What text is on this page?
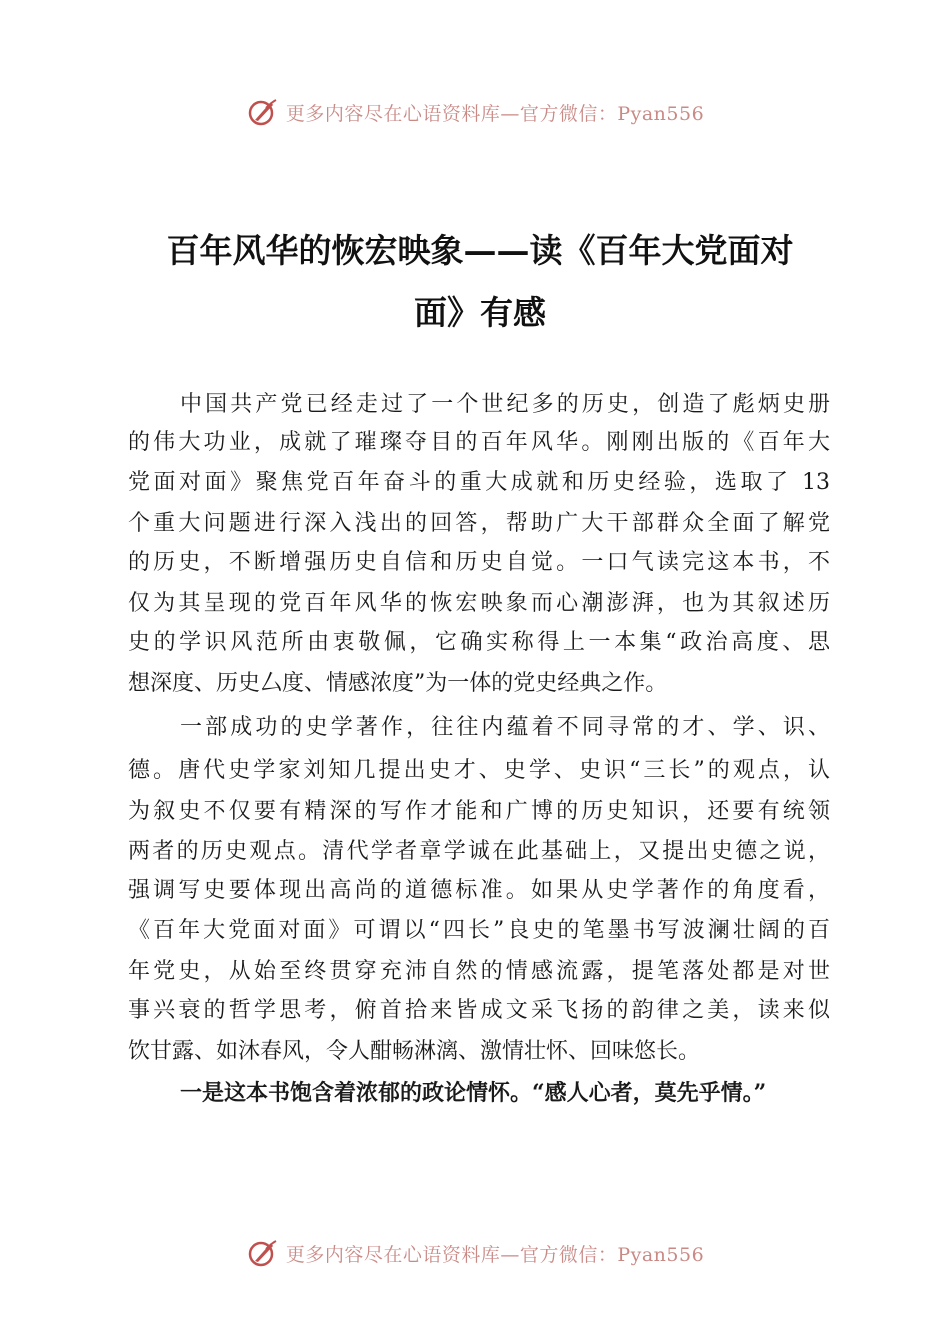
更多内容尽在心语资料库—官方微信：Pyan556
百年风华的恢宏映象——读《百年大党面对
面》有感

中国共产党已经走过了一个世纪多的历史，创造了彪炳史册

的伟大功业，成就了璀璨夺目的百年风华。刚刚出版的《百年大

党面对面》聚焦党百年奋斗的重大成就和历史经验，选取了 13

个重大问题进行深入浅出的回答，帮助广大干部群众全面了解党

的历史，不断增强历史自信和历史自觉。一口气读完这本书，不

仅为其呈现的党百年风华的恢宏映象而心潮澎湃，也为其叙述历

史的学识风范所由衷敬佩，它确实称得上一本集“政治高度、思

想深度、历史厶度、情感浓度”为一体的党史经典之作。

一部成功的史学著作，往往内蕴着不同寻常的才、学、识、

德。唐代史学家刘知几提出史才、史学、史识“三长”的观点，认

为叙史不仅要有精深的写作才能和广博的历史知识，还要有统领

两者的历史观点。清代学者章学诚在此基础上，又提出史德之说，

强调写史要体现出高尚的道德标准。如果从史学著作的角度看，

《百年大党面对面》可谓以“四长”良史的笔墨书写波澜壮阔的百

年党史，从始至终贯穿充沛自然的情感流露，提笔落处都是对世

事兴衰的哲学思考，俯首拾来皆成文采飞扬的韵律之美，读来似

饮甘露、如沐春风，令人酣畅淋漓、激情壮怀、回味悠长。

一是这本书饱含着浓郁的政论情怀。“感人心者，莫先乎情。”

更多内容尽在心语资料库—官方微信：Pyan556
